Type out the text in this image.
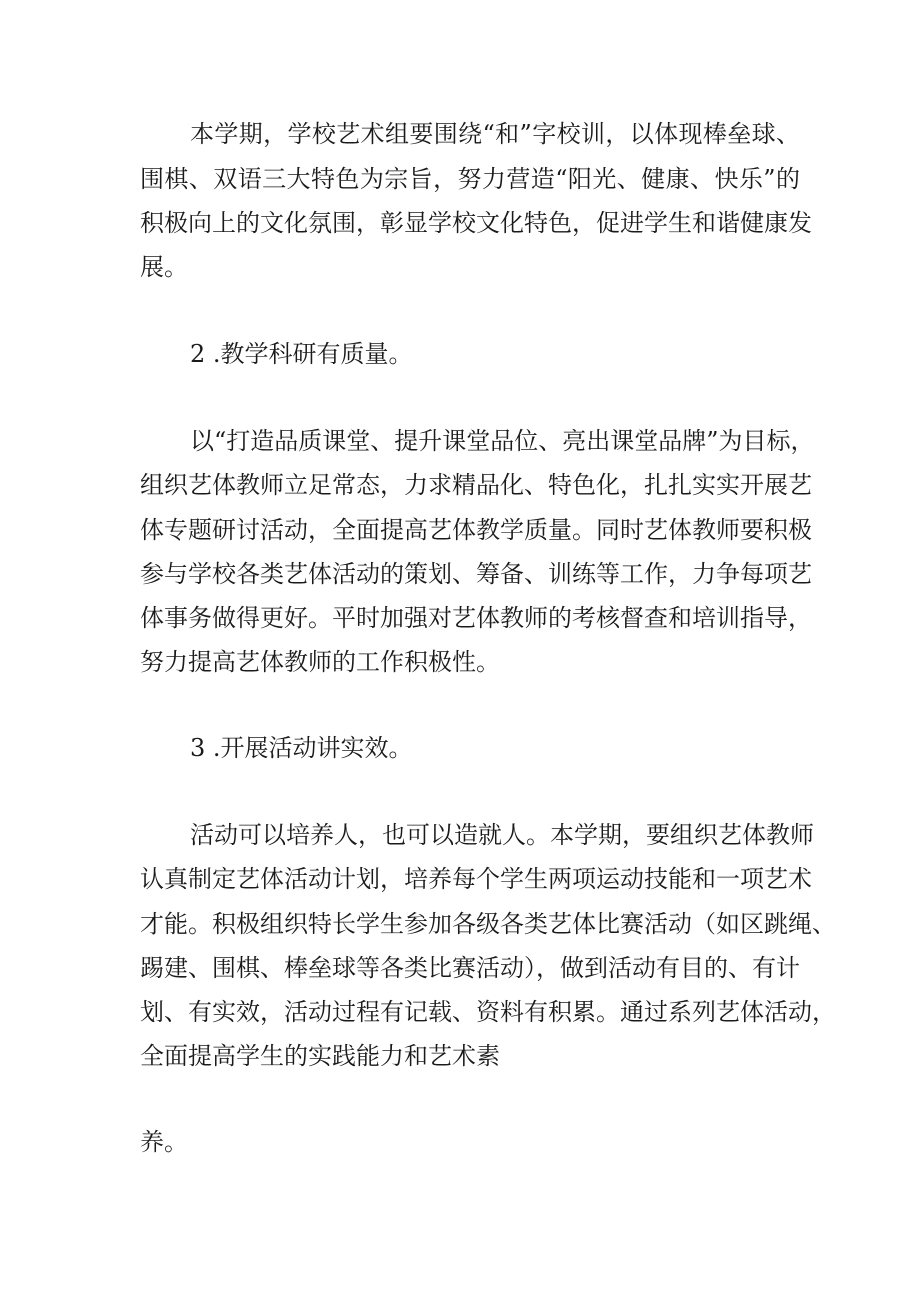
本学期，学校艺术组要围绕“和”字校训，以体现棒垒球、
围棋、双语三大特色为宗旨，努力营造“阳光、健康、快乐”的
积极向上的文化氛围，彰显学校文化特色，促进学生和谐健康发
展。
2 .教学科研有质量。
以“打造品质课堂、提升课堂品位、亮出课堂品牌”为目标，
组织艺体教师立足常态，力求精品化、特色化，扎扎实实开展艺
体专题研讨活动，全面提高艺体教学质量。同时艺体教师要积极
参与学校各类艺体活动的策划、筹备、训练等工作，力争每项艺
体事务做得更好。平时加强对艺体教师的考核督查和培训指导，
努力提高艺体教师的工作积极性。
3 .开展活动讲实效。
活动可以培养人，也可以造就人。本学期，要组织艺体教师
认真制定艺体活动计划，培养每个学生两项运动技能和一项艺术
才能。积极组织特长学生参加各级各类艺体比赛活动（如区跳绳、
踢建、围棋、棒垒球等各类比赛活动），做到活动有目的、有计
划、有实效，活动过程有记载、资料有积累。通过系列艺体活动，
全面提高学生的实践能力和艺术素
养。
